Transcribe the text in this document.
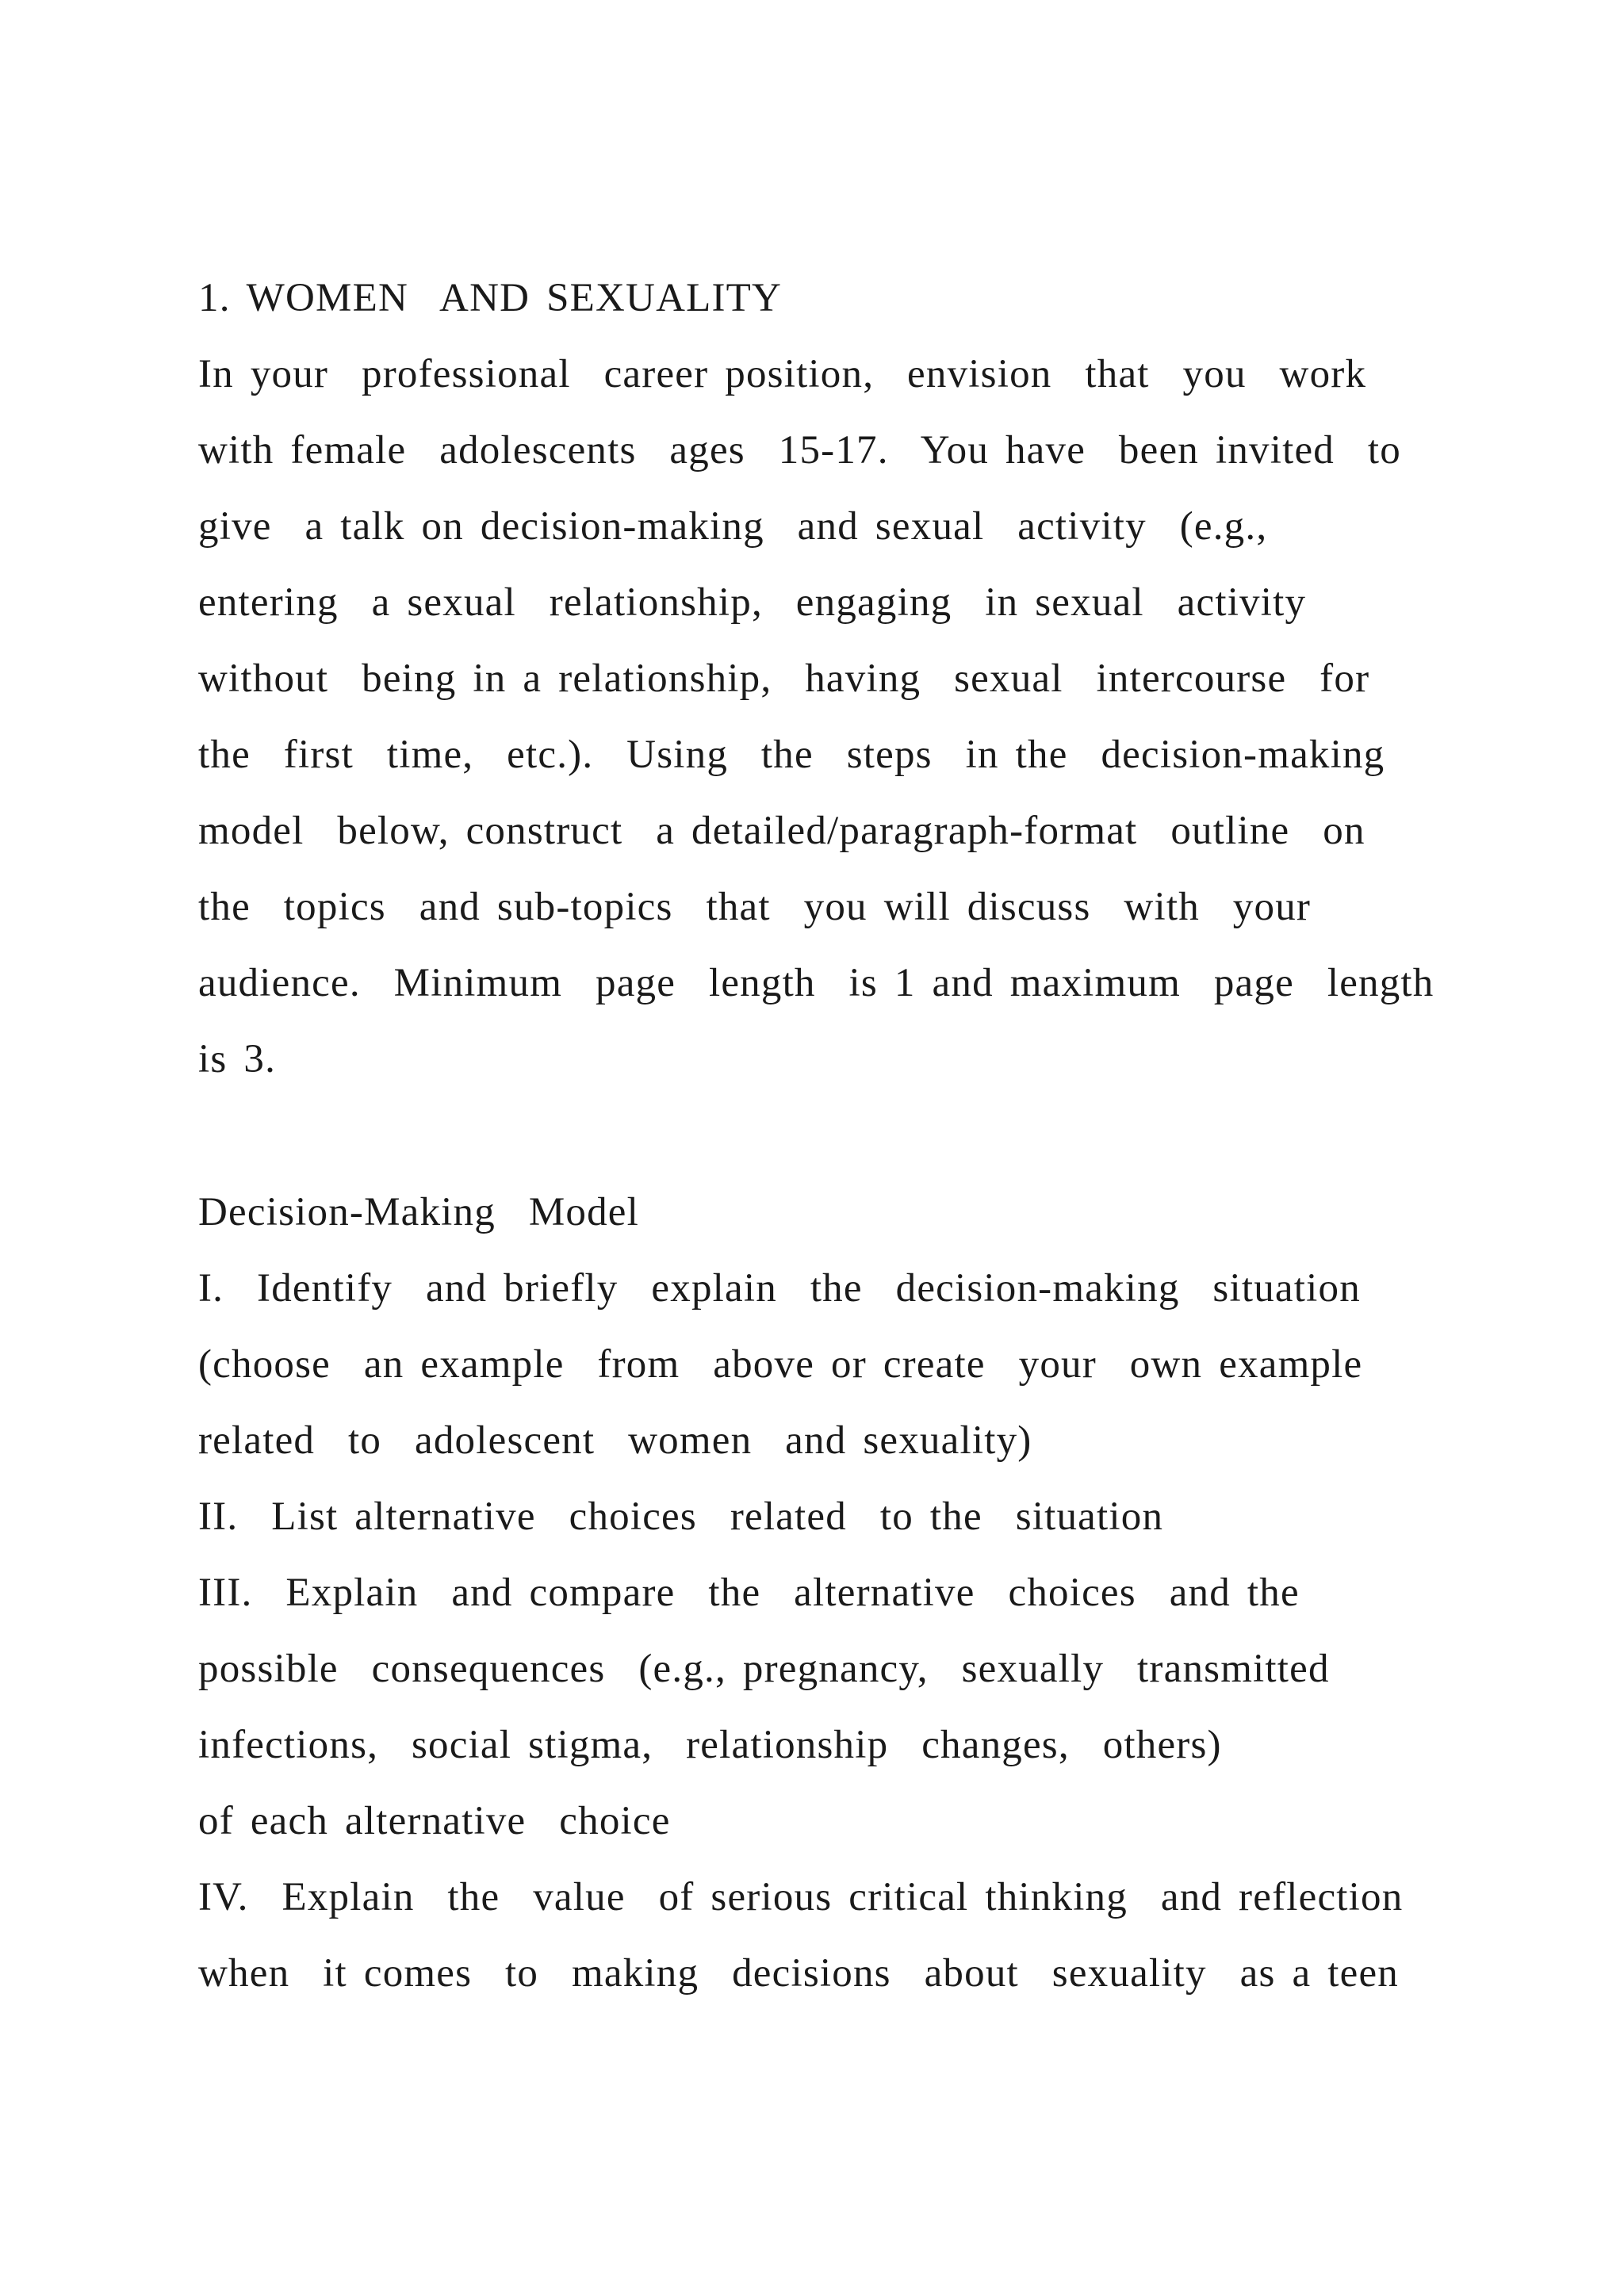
1. WOMEN  AND SEXUALITY
In your  professional  career position,  envision  that  you  work
with female  adolescents  ages  15-17.  You have  been invited  to
give  a talk on decision-making  and sexual  activity  (e.g.,
entering  a sexual  relationship,  engaging  in sexual  activity
without  being in a relationship,  having  sexual  intercourse  for
the  first  time,  etc.).  Using  the  steps  in the  decision-making
model  below, construct  a detailed/paragraph-format  outline  on
the  topics  and sub-topics  that  you will discuss  with  your
audience.  Minimum  page  length  is 1 and maximum  page  length
is 3.
Decision-Making  Model
I.  Identify  and briefly  explain  the  decision-making  situation
(choose  an example  from  above or create  your  own example
related  to  adolescent  women  and sexuality)
II.  List alternative  choices  related  to the  situation
III.  Explain  and compare  the  alternative  choices  and the
possible  consequences  (e.g., pregnancy,  sexually  transmitted
infections,  social stigma,  relationship  changes,  others)
of each alternative  choice
IV.  Explain  the  value  of serious critical thinking  and reflection
when  it comes  to  making  decisions  about  sexuality  as a teen
